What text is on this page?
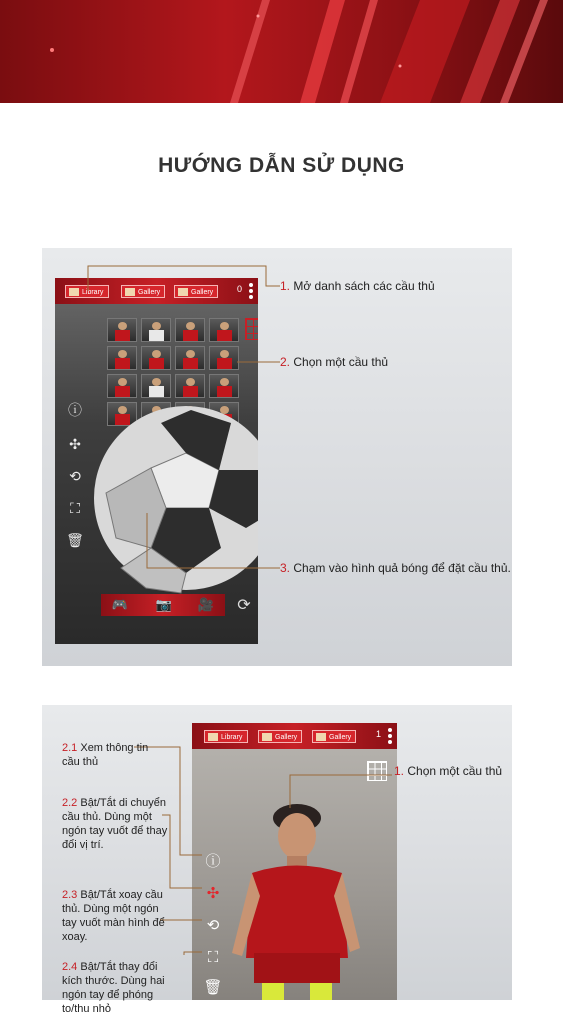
HƯỚNG DẪN SỬ DỤNG
Library	Gallery	Gallery	0
ⓘ
✣
⟲
⛶
🗑
🎮 📷 🎥 ⟳
1. Mở danh sách các cầu thủ
2. Chọn một cầu thủ
3. Chạm vào hình quả bóng để đặt cầu thủ.
Library	Gallery	Gallery	1
ⓘ
✣
⟲
⛶
🗑
1. Chọn một cầu thủ
2.1 Xem thông tin cầu thủ
2.2 Bật/Tắt di chuyển cầu thủ. Dùng một ngón tay vuốt để thay đổi vị trí.
2.3 Bật/Tắt xoay cầu thủ. Dùng một ngón tay vuốt màn hình để xoay.
2.4 Bật/Tắt thay đổi kích thước. Dùng hai ngón tay để phóng to/thu nhỏ
